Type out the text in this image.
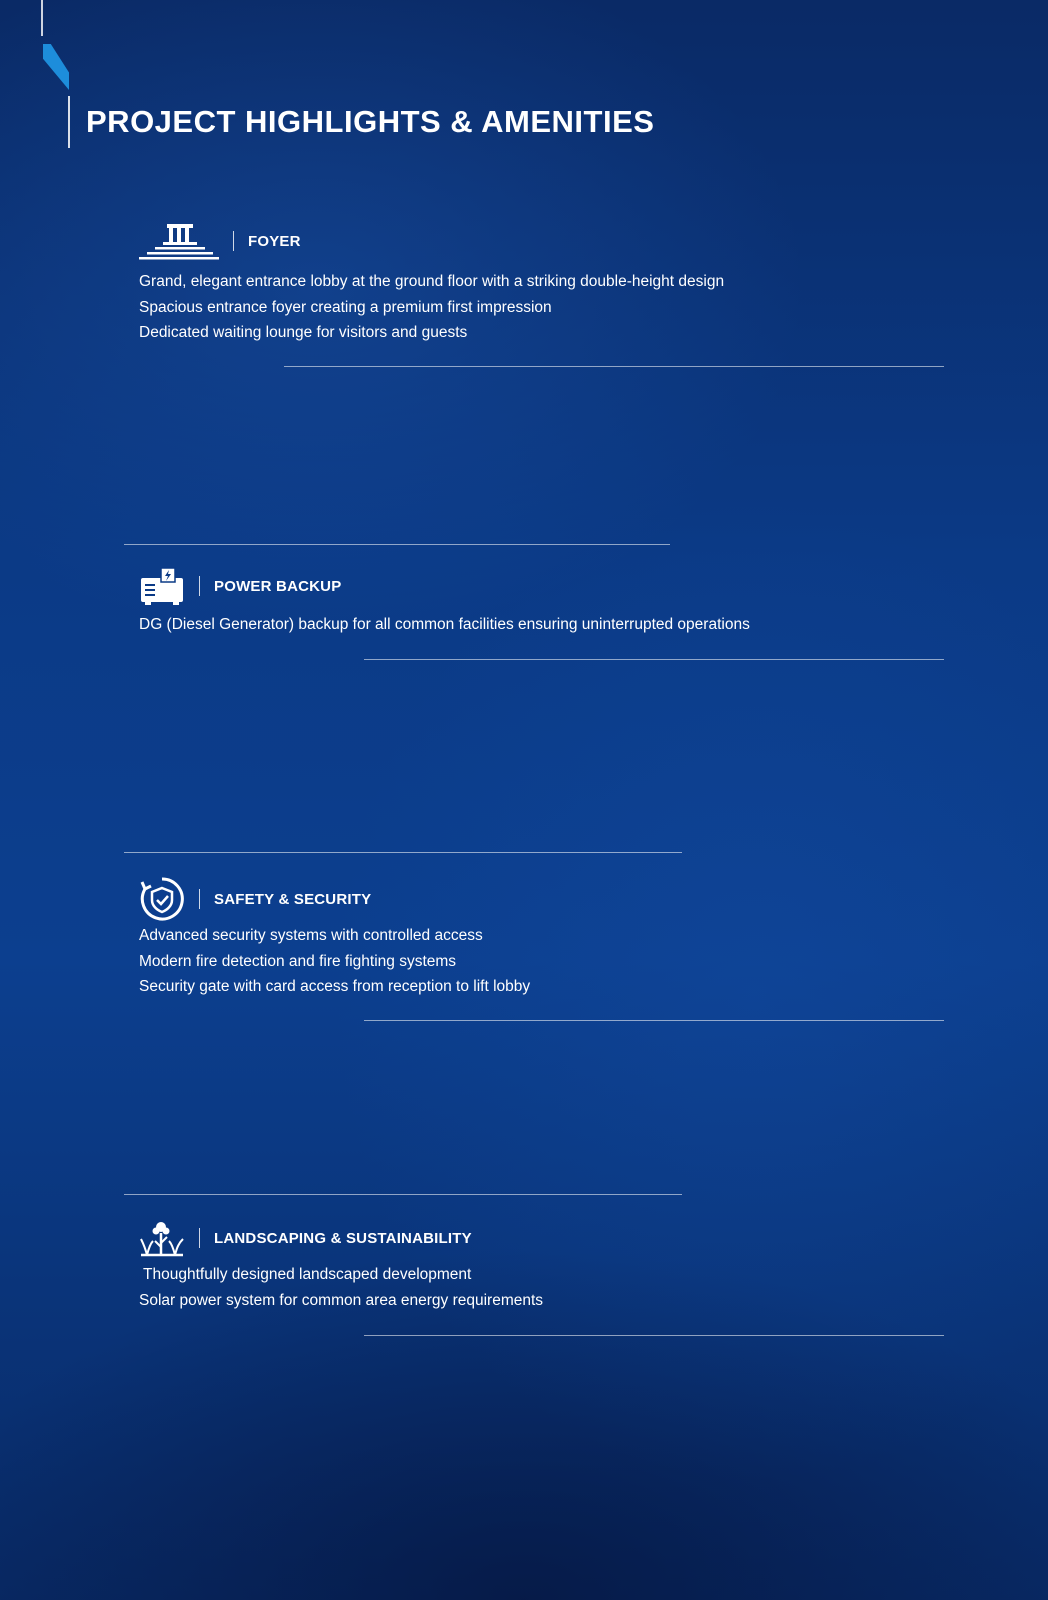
PROJECT HIGHLIGHTS & AMENITIES
FOYER
Grand, elegant entrance lobby at the ground floor with a striking double-height design
Spacious entrance foyer creating a premium first impression
Dedicated waiting lounge for visitors and guests
POWER BACKUP
DG (Diesel Generator) backup for all common facilities ensuring uninterrupted operations
SAFETY & SECURITY
Advanced security systems with controlled access
Modern fire detection and fire fighting systems
Security gate with card access from reception to lift lobby
LANDSCAPING & SUSTAINABILITY
Thoughtfully designed landscaped development
Solar power system for common area energy requirements
